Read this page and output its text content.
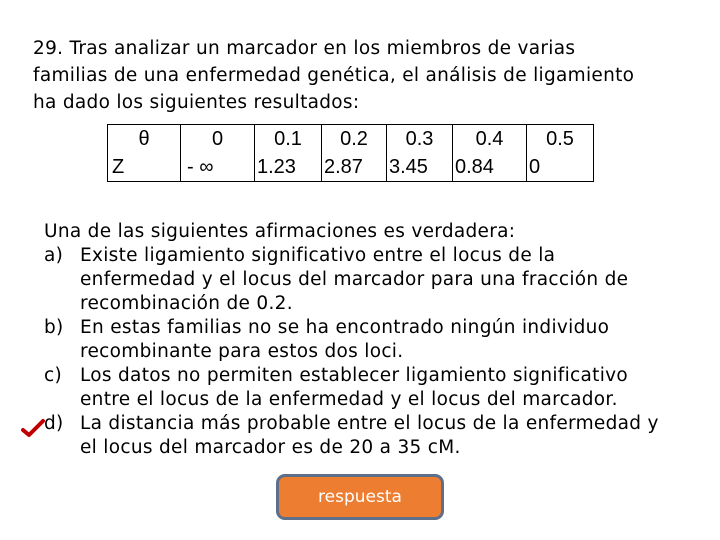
29. Tras analizar un marcador en los miembros de varias
familias de una enfermedad genética, el análisis de ligamiento
ha dado los siguientes resultados:
θ	0	0.1	0.2	0.3	0.4	0.5
Z	- ∞	1.23	2.87	3.45	0.84	0
Una de las siguientes afirmaciones es verdadera:
a) Existe ligamiento significativo entre el locus de la
enfermedad y el locus del marcador para una fracción de
recombinación de 0.2.
b) En estas familias no se ha encontrado ningún individuo
recombinante para estos dos loci.
c) Los datos no permiten establecer ligamiento significativo
entre el locus de la enfermedad y el locus del marcador.
d) La distancia más probable entre el locus de la enfermedad y
el locus del marcador es de 20 a 35 cM.
respuesta
